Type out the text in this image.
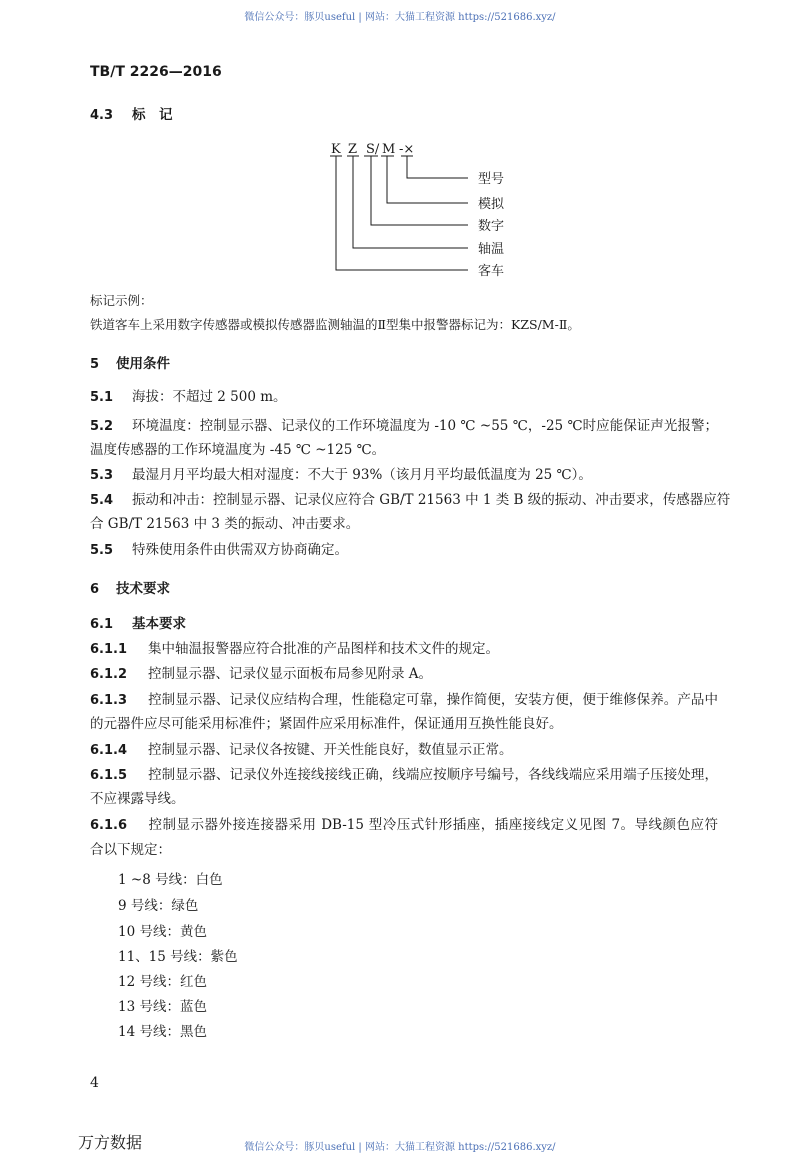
微信公众号：豚贝useful | 网站：大猫工程资源 https://521686.xyz/
TB/T 2226—2016
4.3 标　记
K Z S/ M -×
型号
模拟
数字
轴温
客车
标记示例：
铁道客车上采用数字传感器或模拟传感器监测轴温的Ⅱ型集中报警器标记为：KZS/M-Ⅱ。
5 使用条件
5.1 海拔：不超过 2 500 m。
5.2 环境温度：控制显示器、记录仪的工作环境温度为 -10 ℃ ~55 ℃，-25 ℃时应能保证声光报警；
温度传感器的工作环境温度为 -45 ℃ ~125 ℃。
5.3 最湿月月平均最大相对湿度：不大于 93%（该月月平均最低温度为 25 ℃）。
5.4 振动和冲击：控制显示器、记录仪应符合 GB/T 21563 中 1 类 B 级的振动、冲击要求，传感器应符
合 GB/T 21563 中 3 类的振动、冲击要求。
5.5 特殊使用条件由供需双方协商确定。
6 技术要求
6.1 基本要求
6.1.1 集中轴温报警器应符合批准的产品图样和技术文件的规定。
6.1.2 控制显示器、记录仪显示面板布局参见附录 A。
6.1.3 控制显示器、记录仪应结构合理，性能稳定可靠，操作简便，安装方便，便于维修保养。产品中
的元器件应尽可能采用标准件；紧固件应采用标准件，保证通用互换性能良好。
6.1.4 控制显示器、记录仪各按键、开关性能良好，数值显示正常。
6.1.5 控制显示器、记录仪外连接线接线正确，线端应按顺序号编号，各线线端应采用端子压接处理，
不应裸露导线。
6.1.6 控制显示器外接连接器采用 DB-15 型冷压式针形插座，插座接线定义见图 7。导线颜色应符
合以下规定：
1 ~8 号线：白色
9 号线：绿色
10 号线：黄色
11、15 号线：紫色
12 号线：红色
13 号线：蓝色
14 号线：黑色
4
万方数据	微信公众号：豚贝useful | 网站：大猫工程资源 https://521686.xyz/
